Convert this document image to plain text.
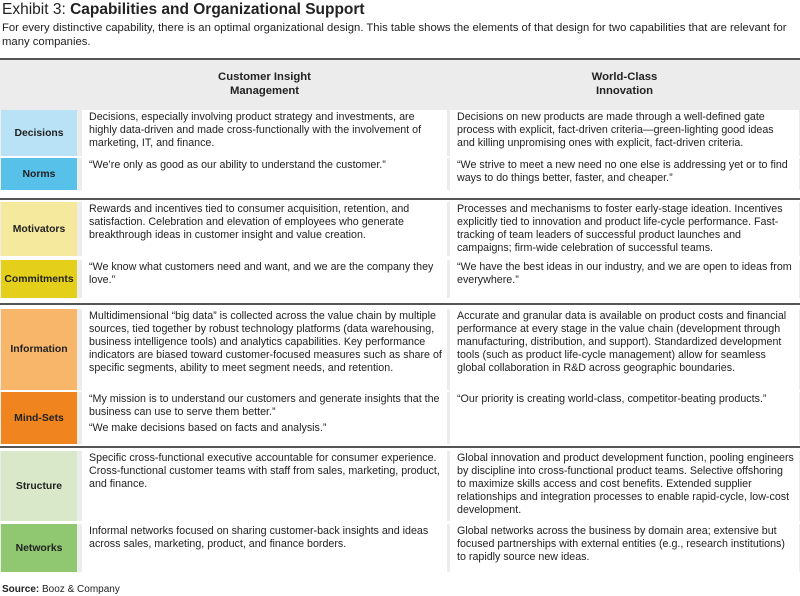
Exhibit 3: Capabilities and Organizational Support
For every distinctive capability, there is an optimal organizational design. This table shows the elements of that design for two capabilities that are relevant for many companies.
Customer Insight
Management
World-Class
Innovation
Decisions

Decisions, especially involving product strategy and investments, are highly data-driven and made cross-functionally with the involvement of marketing, IT, and finance.

Decisions on new products are made through a well-defined gate process with explicit, fact-driven criteria—green-lighting good ideas and killing unpromising ones with explicit, fact-driven criteria.

Norms

“We’re only as good as our ability to understand the customer.”	“We strive to meet a new need no one else is addressing yet or to find ways to do things better, faster, and cheaper.”

Motivators

Rewards and incentives tied to consumer acquisition, retention, and satisfaction. Celebration and elevation of employees who generate breakthrough ideas in customer insight and value creation.

Processes and mechanisms to foster early-stage ideation. Incentives explicitly tied to innovation and product life-cycle performance. Fast-tracking of team leaders of successful product launches and campaigns; firm-wide celebration of successful teams.

Commitments

“We know what customers need and want, and we are the company they love.”

“We have the best ideas in our industry, and we are open to ideas from everywhere.”

Information

Multidimensional “big data” is collected across the value chain by multiple sources, tied together by robust technology platforms (data warehousing, business intelligence tools) and analytics capabilities. Key performance indicators are biased toward customer-focused measures such as share of specific segments, ability to meet segment needs, and retention.

Accurate and granular data is available on product costs and financial performance at every stage in the value chain (development through manufacturing, distribution, and support). Standardized development tools (such as product life-cycle management) allow for seamless global collaboration in R&D across geographic boundaries.

Mind-Sets

“My mission is to understand our customers and generate insights that the business can use to serve them better.”

“We make decisions based on facts and analysis.”

“Our priority is creating world-class, competitor-beating products.”

Structure

Specific cross-functional executive accountable for consumer experience. Cross-functional customer teams with staff from sales, marketing, product, and finance.

Global innovation and product development function, pooling engineers by discipline into cross-functional product teams. Selective offshoring to maximize skills access and cost benefits. Extended supplier relationships and integration processes to enable rapid-cycle, low-cost development.

Networks

Informal networks focused on sharing customer-back insights and ideas across sales, marketing, product, and finance borders.

Global networks across the business by domain area; extensive but focused partnerships with external entities (e.g., research institutions) to rapidly source new ideas.

Source: Booz & Company
